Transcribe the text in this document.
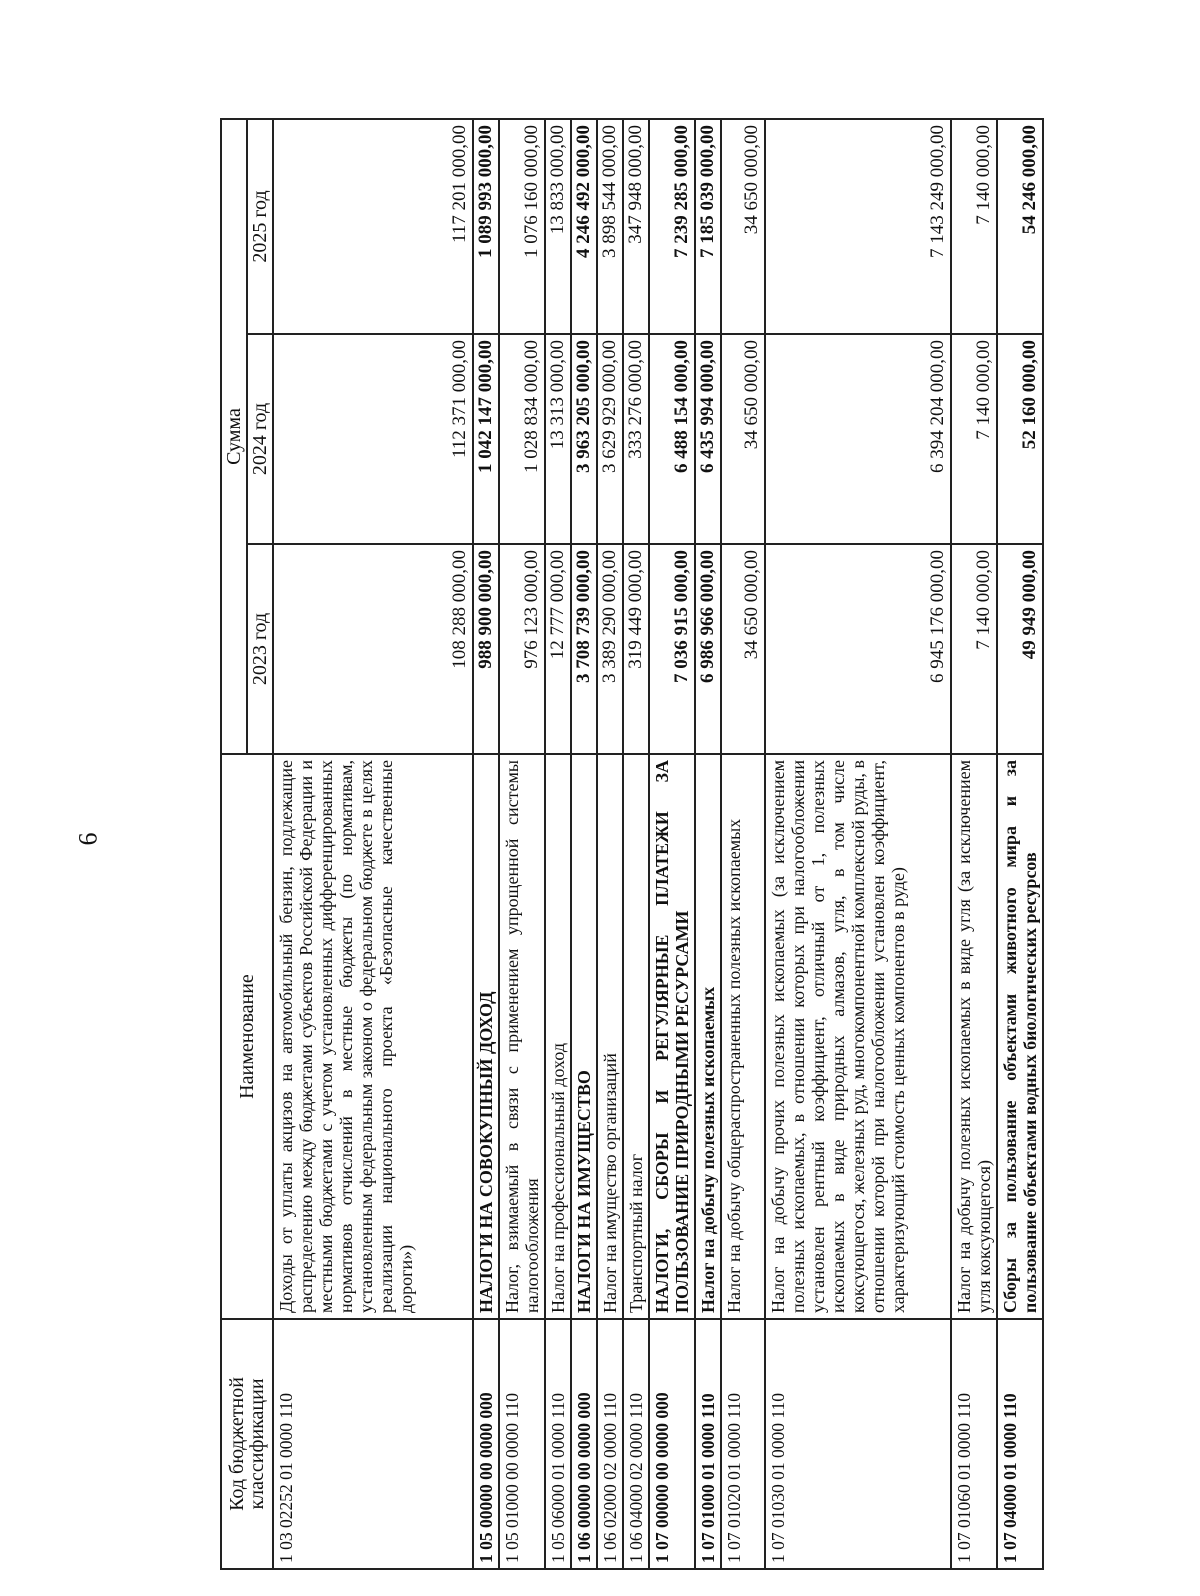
6
Код бюджетной классификации	Наименование	Сумма		
		2023 год	2024 год	2025 год
1 03 02252 01 0000 110	Доходы от уплаты акцизов на автомобильный бензин, подлежащие распределению между бюджетами субъектов Российской Федерации и местными бюджетами с учетом установленных дифференцированных нормативов отчислений в местные бюджеты (по нормативам, установленным федеральным законом о федеральном бюджете в целях реализации национального проекта «Безопасные качественные дороги»)	108 288 000,00	112 371 000,00	117 201 000,00
1 05 00000 00 0000 000	НАЛОГИ НА СОВОКУПНЫЙ ДОХОД	988 900 000,00	1 042 147 000,00	1 089 993 000,00
1 05 01000 00 0000 110	Налог, взимаемый в связи с применением упрощенной системы налогообложения	976 123 000,00	1 028 834 000,00	1 076 160 000,00
1 05 06000 01 0000 110	Налог на профессиональный доход	12 777 000,00	13 313 000,00	13 833 000,00
1 06 00000 00 0000 000	НАЛОГИ НА ИМУЩЕСТВО	3 708 739 000,00	3 963 205 000,00	4 246 492 000,00
1 06 02000 02 0000 110	Налог на имущество организаций	3 389 290 000,00	3 629 929 000,00	3 898 544 000,00
1 06 04000 02 0000 110	Транспортный налог	319 449 000,00	333 276 000,00	347 948 000,00
1 07 00000 00 0000 000	НАЛОГИ, СБОРЫ И РЕГУЛЯРНЫЕ ПЛАТЕЖИ ЗА ПОЛЬЗОВАНИЕ ПРИРОДНЫМИ РЕСУРСАМИ	7 036 915 000,00	6 488 154 000,00	7 239 285 000,00
1 07 01000 01 0000 110	Налог на добычу полезных ископаемых	6 986 966 000,00	6 435 994 000,00	7 185 039 000,00
1 07 01020 01 0000 110	Налог на добычу общераспространенных полезных ископаемых	34 650 000,00	34 650 000,00	34 650 000,00
1 07 01030 01 0000 110	Налог на добычу прочих полезных ископаемых (за исключением полезных ископаемых, в отношении которых при налогообложении установлен рентный коэффициент, отличный от 1, полезных ископаемых в виде природных алмазов, угля, в том числе коксующегося, железных руд, многокомпонентной комплексной руды, в отношении которой при налогообложении установлен коэффициент, характеризующий стоимость ценных компонентов в руде)	6 945 176 000,00	6 394 204 000,00	7 143 249 000,00
1 07 01060 01 0000 110	Налог на добычу полезных ископаемых в виде угля (за исключением угля коксующегося)	7 140 000,00	7 140 000,00	7 140 000,00
1 07 04000 01 0000 110	Сборы за пользование объектами животного мира и за пользование объектами водных биологических ресурсов	49 949 000,00	52 160 000,00	54 246 000,00
